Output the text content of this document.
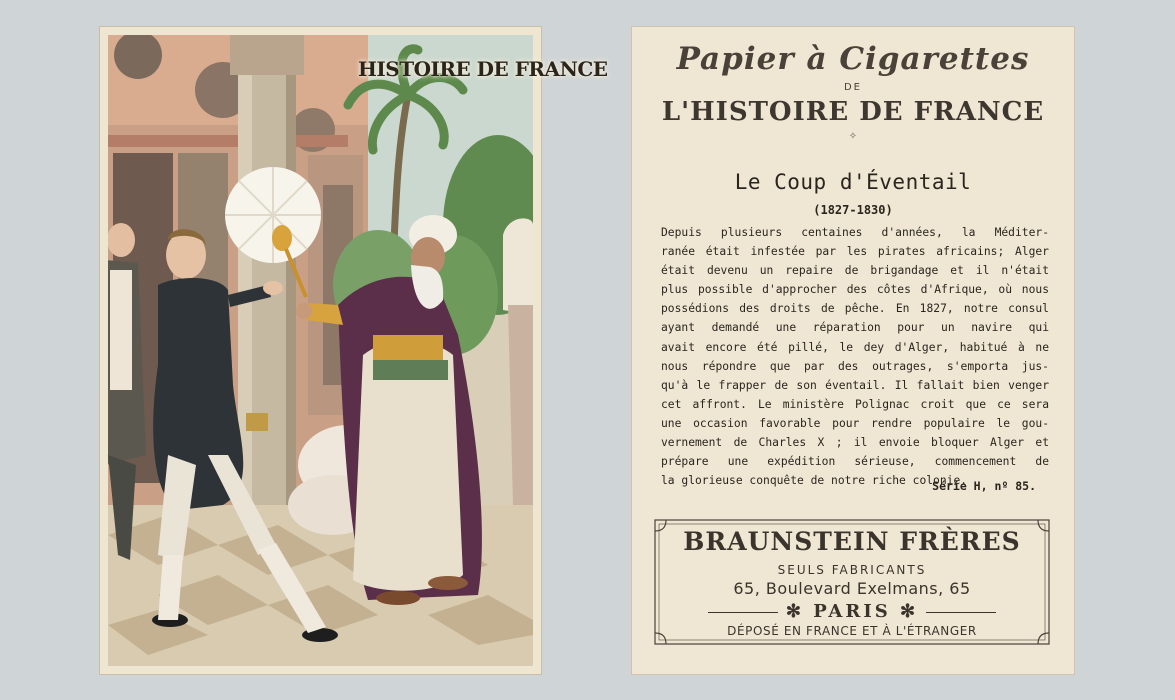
HISTOIRE DE FRANCE	Papier à Cigarettes
DE
L'HISTOIRE DE FRANCE
✧
Le Coup d'Éventail
(1827-1830)
Depuis plusieurs centaines d'années, la Méditer-
ranée était infestée par les pirates africains; Alger
était devenu un repaire de brigandage et il n'était
plus possible d'approcher des côtes d'Afrique, où nous
possédions des droits de pêche. En 1827, notre consul
ayant demandé une réparation pour un navire qui
avait encore été pillé, le dey d'Alger, habitué à ne
nous répondre que par des outrages, s'emporta jus-
qu'à le frapper de son éventail. Il fallait bien venger
cet affront. Le ministère Polignac croit que ce sera
une occasion favorable pour rendre populaire le gou-
vernement de Charles X ; il envoie bloquer Alger et
prépare une expédition sérieuse, commencement de
la glorieuse conquête de notre riche colonie.
Série H, nº 85.
BRAUNSTEIN FRÈRES
SEULS FABRICANTS
65, Boulevard Exelmans, 65
✻ PARIS ✻
DÉPOSÉ EN FRANCE ET À L'ÉTRANGER
